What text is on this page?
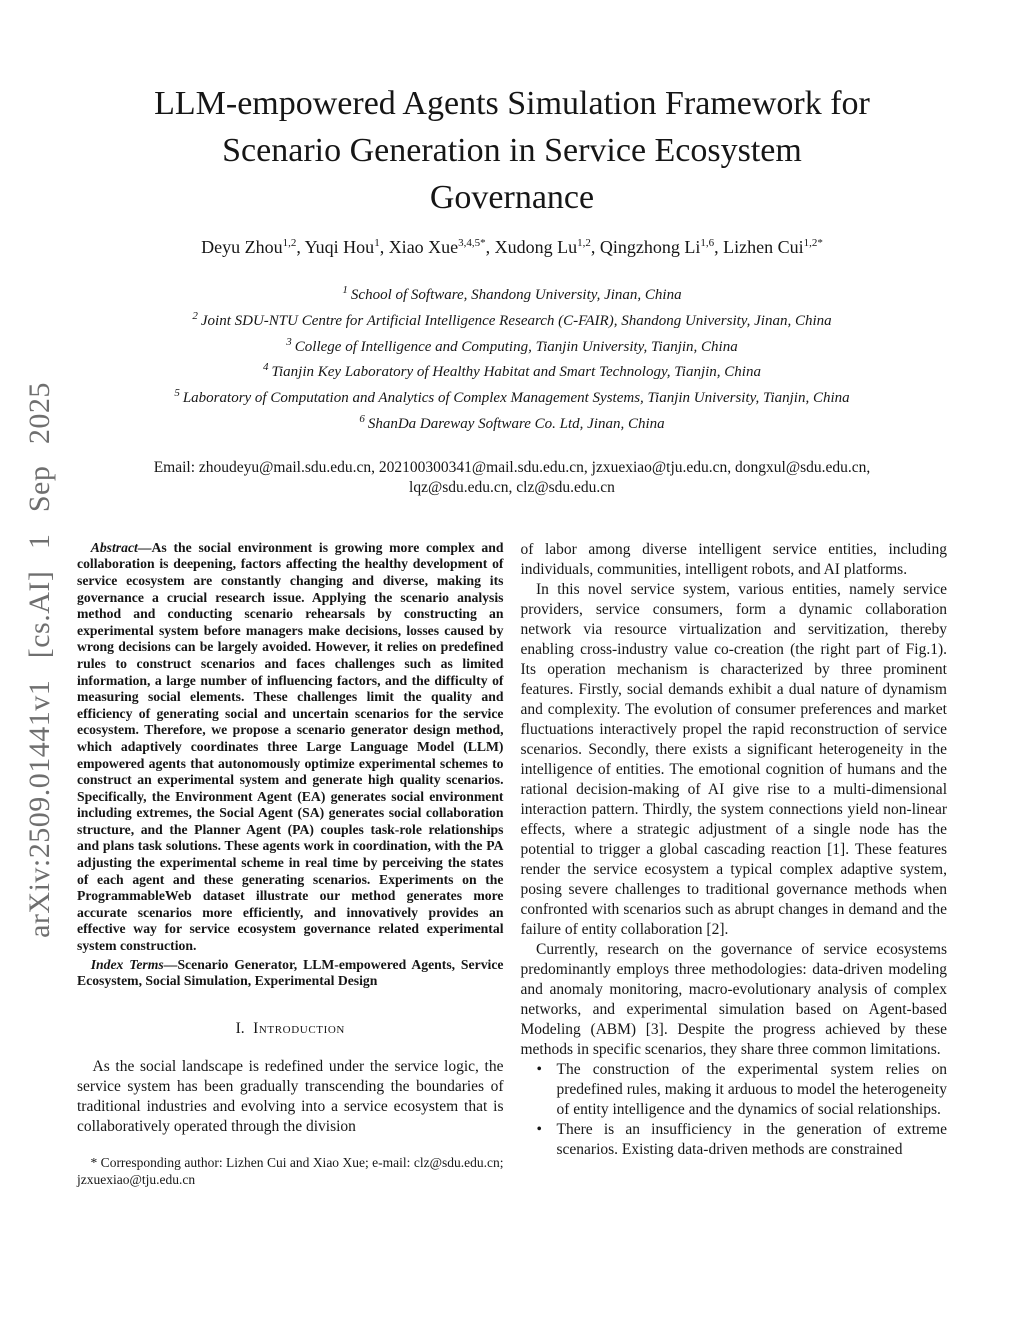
arXiv:2509.01441v1 [cs.AI] 1 Sep 2025
LLM-empowered Agents Simulation Framework for
Scenario Generation in Service Ecosystem
Governance
Deyu Zhou$^{1,2}$, Yuqi Hou$^1$, Xiao Xue$^{3,4,5*}$, Xudong Lu$^{1,2}$, Qingzhong Li$^{1,6}$, Lizhen Cui$^{1,2*}$
$^1$ School of Software, Shandong University, Jinan, China
$^2$ Joint SDU-NTU Centre for Artificial Intelligence Research (C-FAIR), Shandong University, Jinan, China
$^3$ College of Intelligence and Computing, Tianjin University, Tianjin, China
$^4$ Tianjin Key Laboratory of Healthy Habitat and Smart Technology, Tianjin, China
$^5$ Laboratory of Computation and Analytics of Complex Management Systems, Tianjin University, Tianjin, China
$^6$ ShanDa Dareway Software Co. Ltd, Jinan, China
Email: zhoudeyu@mail.sdu.edu.cn, 202100300341@mail.sdu.edu.cn, jzxuexiao@tju.edu.cn, dongxul@sdu.edu.cn,
lqz@sdu.edu.cn, clz@sdu.edu.cn

Abstract—As the social environment is growing more complex and collaboration is deepening, factors affecting the healthy development of service ecosystem are constantly changing and diverse, making its governance a crucial research issue. Applying the scenario analysis method and conducting scenario rehearsals by constructing an experimental system before managers make decisions, losses caused by wrong decisions can be largely avoided. However, it relies on predefined rules to construct scenarios and faces challenges such as limited information, a large number of influencing factors, and the difficulty of measuring social elements. These challenges limit the quality and efficiency of generating social and uncertain scenarios for the service ecosystem. Therefore, we propose a scenario generator design method, which adaptively coordinates three Large Language Model (LLM) empowered agents that autonomously optimize experimental schemes to construct an experimental system and generate high quality scenarios. Specifically, the Environment Agent (EA) generates social environment including extremes, the Social Agent (SA) generates social collaboration structure, and the Planner Agent (PA) couples task-role relationships and plans task solutions. These agents work in coordination, with the PA adjusting the experimental scheme in real time by perceiving the states of each agent and these generating scenarios. Experiments on the ProgrammableWeb dataset illustrate our method generates more accurate scenarios more efficiently, and innovatively provides an effective way for service ecosystem governance related experimental system construction.

Index Terms—Scenario Generator, LLM-empowered Agents, Service Ecosystem, Social Simulation, Experimental Design

I. Introduction

As the social landscape is redefined under the service logic, the service system has been gradually transcending the boundaries of traditional industries and evolving into a service ecosystem that is collaboratively operated through the division

* Corresponding author: Lizhen Cui and Xiao Xue; e-mail: clz@sdu.edu.cn; jzxuexiao@tju.edu.cn

of labor among diverse intelligent service entities, including individuals, communities, intelligent robots, and AI platforms.

In this novel service system, various entities, namely service providers, service consumers, form a dynamic collaboration network via resource virtualization and servitization, thereby enabling cross-industry value co-creation (the right part of Fig.1). Its operation mechanism is characterized by three prominent features. Firstly, social demands exhibit a dual nature of dynamism and complexity. The evolution of consumer preferences and market fluctuations interactively propel the rapid reconstruction of service scenarios. Secondly, there exists a significant heterogeneity in the intelligence of entities. The emotional cognition of humans and the rational decision-making of AI give rise to a multi-dimensional interaction pattern. Thirdly, the system connections yield non-linear effects, where a strategic adjustment of a single node has the potential to trigger a global cascading reaction [1]. These features render the service ecosystem a typical complex adaptive system, posing severe challenges to traditional governance methods when confronted with scenarios such as abrupt changes in demand and the failure of entity collaboration [2].

Currently, research on the governance of service ecosystems predominantly employs three methodologies: data-driven modeling and anomaly monitoring, macro-evolutionary analysis of complex networks, and experimental simulation based on Agent-based Modeling (ABM) [3]. Despite the progress achieved by these methods in specific scenarios, they share three common limitations.

• The construction of the experimental system relies on predefined rules, making it arduous to model the heterogeneity of entity intelligence and the dynamics of social relationships.
• There is an insufficiency in the generation of extreme scenarios. Existing data-driven methods are constrained
